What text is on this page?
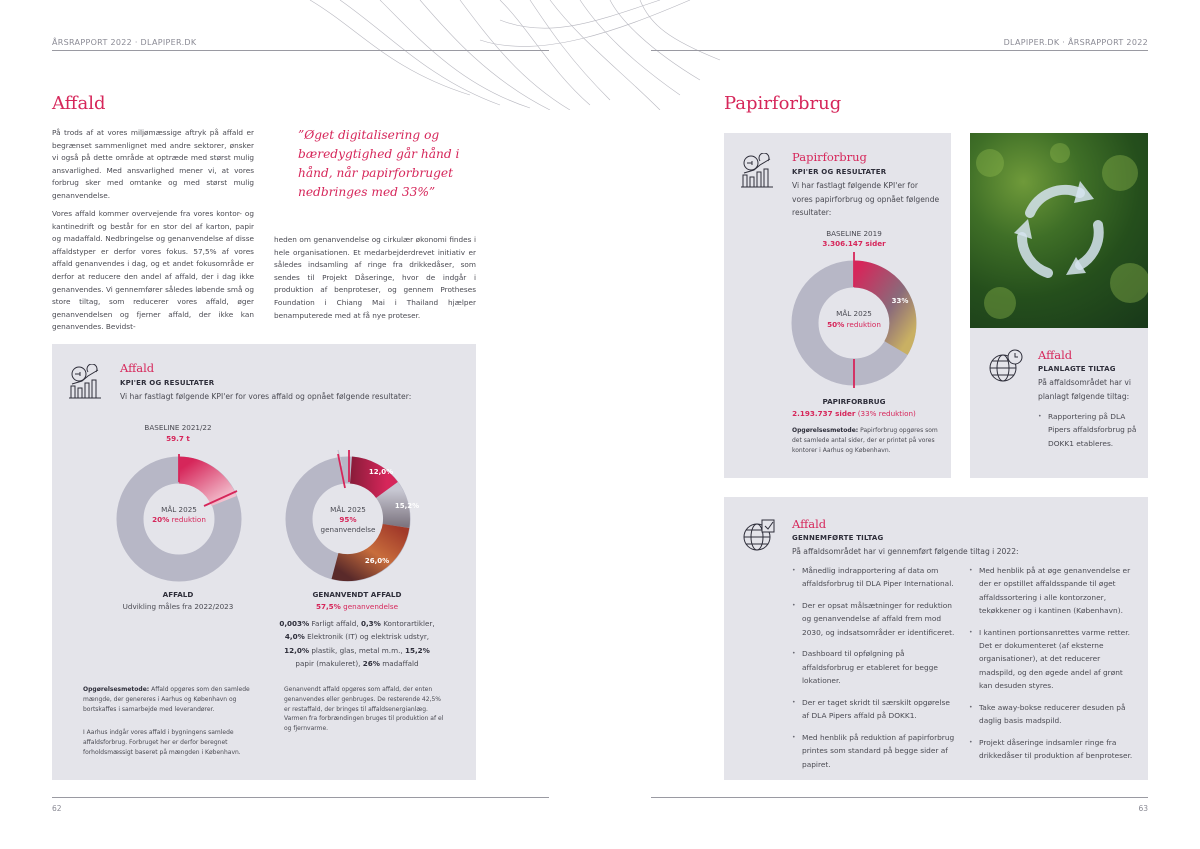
ÅRSRAPPORT 2022 · DLAPIPER.DK
Affald
På trods af at vores miljømæssige aftryk på affald er begrænset sammenlignet med andre sektorer, ønsker vi også på dette område at optræde med størst mulig ansvarlighed. Med ansvarlighed mener vi, at vores forbrug sker med omtanke og med størst mulig genanvendelse.
Vores affald kommer overvejende fra vores kontor- og kantinedrift og består for en stor del af karton, papir og madaffald. Nedbringelse og genanvendelse af disse affaldstyper er derfor vores fokus. 57,5% af vores affald genanvendes i dag, og et andet fokusområde er derfor at reducere den andel af affald, der i dag ikke genanvendes. Vi gennemfører således løbende små og store tiltag, som reducerer vores affald, øger genanvendelsen og fjerner affald, der ikke kan genanvendes. Bevidst-
”Øget digitalisering og bæredygtighed går hånd i hånd, når papirforbruget nedbringes med 33%”
heden om genanvendelse og cirkulær økonomi findes i hele organisationen. Et medarbejderdrevet initiativ er således indsamling af ringe fra drikkedåser, som sendes til Projekt Dåseringe, hvor de indgår i produktion af benproteser, og gennem Protheses Foundation i Chiang Mai i Thailand hjælper benamputerede med at få nye proteser.
Affald
KPI'ER OG RESULTATER
Vi har fastlagt følgende KPI'er for vores affald og opnået følgende resultater:
BASELINE 2021/22
59.7 t
MÅL 2025
20% reduktion
AFFALD
Udvikling måles fra 2022/2023
12,0%
15,2%
26,0%
MÅL 2025
95%
genanvendelse
GENANVENDT AFFALD
57,5% genanvendelse
0,003% Farligt affald, 0,3% Kontorartikler, 4,0% Elektronik (IT) og elektrisk udstyr, 12,0% plastik, glas, metal m.m., 15,2% papir (makuleret), 26% madaffald
Opgørelsesmetode: Affald opgøres som den samlede mængde, der genereres i Aarhus og København og bortskaffes i samarbejde med leverandører.
I Aarhus indgår vores affald i bygningens samlede affaldsforbrug. Forbruget her er derfor beregnet forholdsmæssigt baseret på mængden i København.
Genanvendt affald opgøres som affald, der enten genanvendes eller genbruges. De resterende 42,5% er restaffald, der bringes til affaldsenergianlæg. Varmen fra forbrændingen bruges til produktion af el og fjernvarme.
62
DLAPIPER.DK · ÅRSRAPPORT 2022
Papirforbrug
Papirforbrug
KPI'ER OG RESULTATER
Vi har fastlagt følgende KPI'er for vores papirforbrug og opnået følgende resultater:
BASELINE 2019
3.306.147 sider
33%
MÅL 2025
50% reduktion
PAPIRFORBRUG
2.193.737 sider (33% reduktion)
Opgørelsesmetode: Papirforbrug opgøres som det samlede antal sider, der er printet på vores kontorer i Aarhus og København.
Affald
PLANLAGTE TILTAG
På affaldsområdet har vi planlagt følgende tiltag:
• Rapportering på DLA Pipers affaldsforbrug på DOKK1 etableres.
Affald
GENNEMFØRTE TILTAG
På affaldsområdet har vi gennemført følgende tiltag i 2022:
• Månedlig indrapportering af data om affaldsforbrug til DLA Piper International.
• Der er opsat målsætninger for reduktion og genanvendelse af affald frem mod 2030, og indsatsområder er identificeret.
• Dashboard til opfølgning på affaldsforbrug er etableret for begge lokationer.
• Der er taget skridt til særskilt opgørelse af DLA Pipers affald på DOKK1.
• Med henblik på reduktion af papirforbrug printes som standard på begge sider af papiret.
• Med henblik på at øge genanvendelse er der er opstillet affaldsspande til øget affaldssortering i alle kontorzoner, tekøkkener og i kantinen (København).
• I kantinen portionsanrettes varme retter. Det er dokumenteret (af eksterne organisationer), at det reducerer madspild, og den øgede andel af grønt kan desuden styres.
• Take away-bokse reducerer desuden på daglig basis madspild.
• Projekt dåseringe indsamler ringe fra drikkedåser til produktion af benproteser.
63
